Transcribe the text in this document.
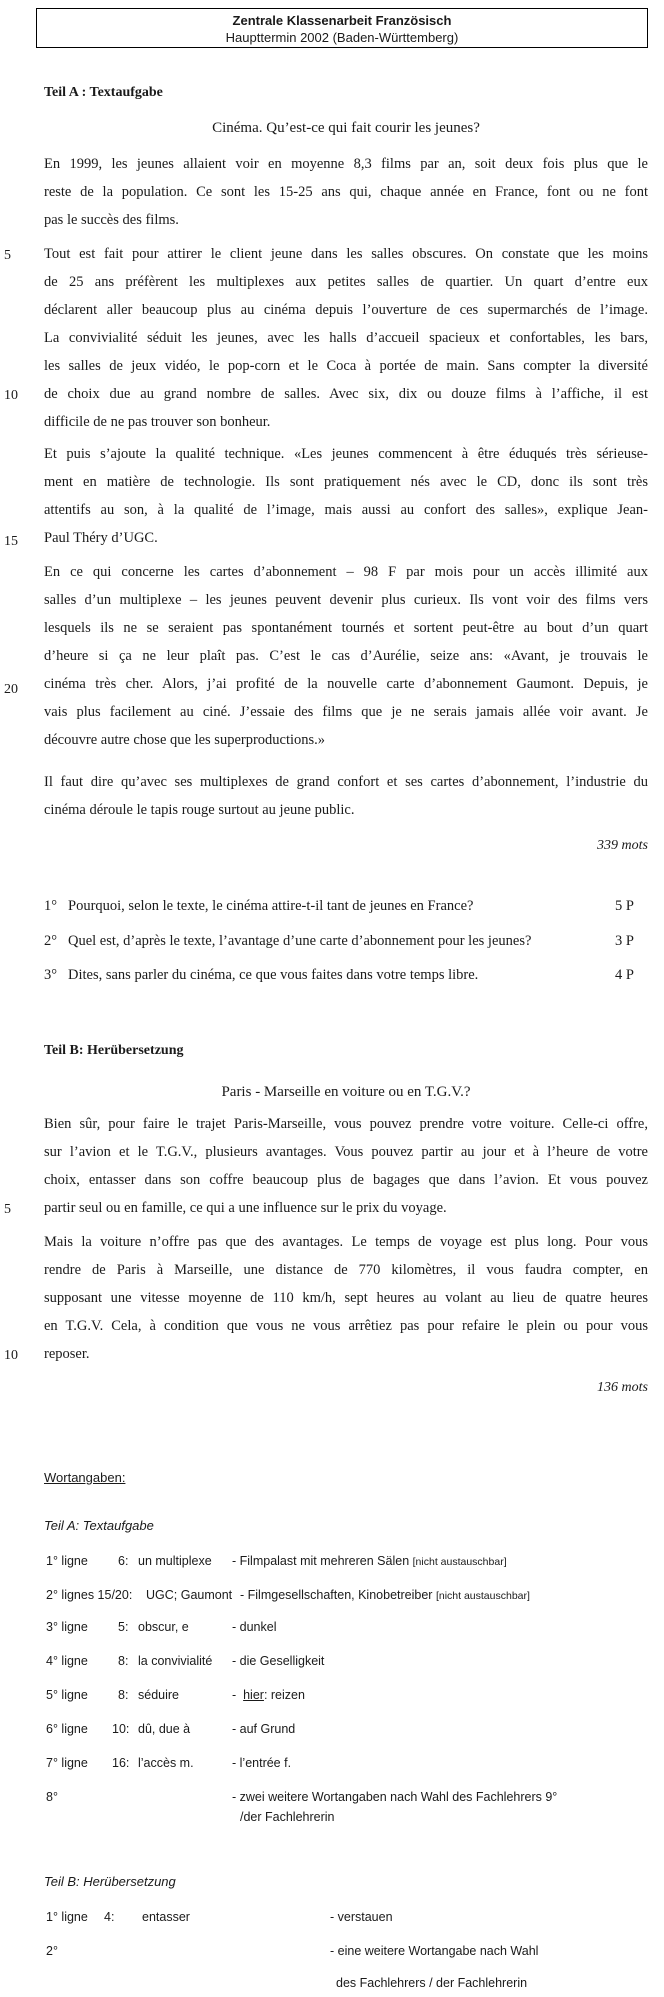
Zentrale Klassenarbeit Französisch
Haupttermin 2002 (Baden-Württemberg)
Teil A : Textaufgabe
Cinéma. Qu’est-ce qui fait courir les jeunes?
En 1999, les jeunes allaient voir en moyenne 8,3 films par an, soit deux fois plus que le
reste de la population. Ce sont les 15-25 ans qui, chaque année en France, font ou ne font
pas le succès des films.
Tout est fait pour attirer le client jeune dans les salles obscures. On constate que les moins
de 25 ans préfèrent les multiplexes aux petites salles de quartier. Un quart d’entre eux
déclarent aller beaucoup plus au cinéma depuis l’ouverture de ces supermarchés de l’image.
La convivialité séduit les jeunes, avec les halls d’accueil spacieux et confortables, les bars,
les salles de jeux vidéo, le pop-corn et le Coca à portée de main. Sans compter la diversité
de choix due au grand nombre de salles. Avec six, dix ou douze films à l’affiche, il est
difficile de ne pas trouver son bonheur.
Et puis s’ajoute la qualité technique. «Les jeunes commencent à être éduqués très sérieuse-
ment en matière de technologie. Ils sont pratiquement nés avec le CD, donc ils sont très
attentifs au son, à la qualité de l’image, mais aussi au confort des salles», explique Jean-
Paul Théry d’UGC.
En ce qui concerne les cartes d’abonnement – 98 F par mois pour un accès illimité aux
salles d’un multiplexe – les jeunes peuvent devenir plus curieux. Ils vont voir des films vers
lesquels ils ne se seraient pas spontanément tournés et sortent peut-être au bout d’un quart
d’heure si ça ne leur plaît pas. C’est le cas d’Aurélie, seize ans: «Avant, je trouvais le
cinéma très cher. Alors, j’ai profité de la nouvelle carte d’abonnement Gaumont. Depuis, je
vais plus facilement au ciné. J’essaie des films que je ne serais jamais allée voir avant. Je
découvre autre chose que les superproductions.»
Il faut dire qu’avec ses multiplexes de grand confort et ses cartes d’abonnement, l’industrie du
cinéma déroule le tapis rouge surtout au jeune public.
5
10
15
20
339 mots
1° Pourquoi, selon le texte, le cinéma attire-t-il tant de jeunes en France?	5 P
2° Quel est, d’après le texte, l’avantage d’une carte d’abonnement pour les jeunes?	3 P
3° Dites, sans parler du cinéma, ce que vous faites dans votre temps libre.	4 P
Teil B: Herübersetzung
Paris - Marseille en voiture ou en T.G.V.?
Bien sûr, pour faire le trajet Paris-Marseille, vous pouvez prendre votre voiture. Celle-ci offre,
sur l’avion et le T.G.V., plusieurs avantages. Vous pouvez partir au jour et à l’heure de votre
choix, entasser dans son coffre beaucoup plus de bagages que dans l’avion. Et vous pouvez
partir seul ou en famille, ce qui a une influence sur le prix du voyage.
Mais la voiture n’offre pas que des avantages. Le temps de voyage est plus long. Pour vous
rendre de Paris à Marseille, une distance de 770 kilomètres, il vous faudra compter, en
supposant une vitesse moyenne de 110 km/h, sept heures au volant au lieu de quatre heures
en T.G.V. Cela, à condition que vous ne vous arrêtiez pas pour refaire le plein ou pour vous
reposer.
5
10
136 mots
Wortangaben:
Teil A: Textaufgabe
1° ligne 6: un multiplexe - Filmpalast mit mehreren Sälen [nicht austauschbar]
2° lignes 15/20: UGC; Gaumont - Filmgesellschaften, Kinobetreiber [nicht austauschbar]
3° ligne 5: obscur, e	- dunkel
4° ligne 8: la convivialité - die Geselligkeit
5° ligne 8: séduire	-  hier: reizen
6° ligne 10: dû, due à	- auf Grund
7° ligne 16: l’accès m.	- l’entrée f.
8°	- zwei weitere Wortangaben nach Wahl des Fachlehrers 9°
/der Fachlehrerin
Teil B: Herübersetzung
1° ligne 4: entasser	- verstauen
2°	- eine weitere Wortangabe nach Wahl
des Fachlehrers / der Fachlehrerin
